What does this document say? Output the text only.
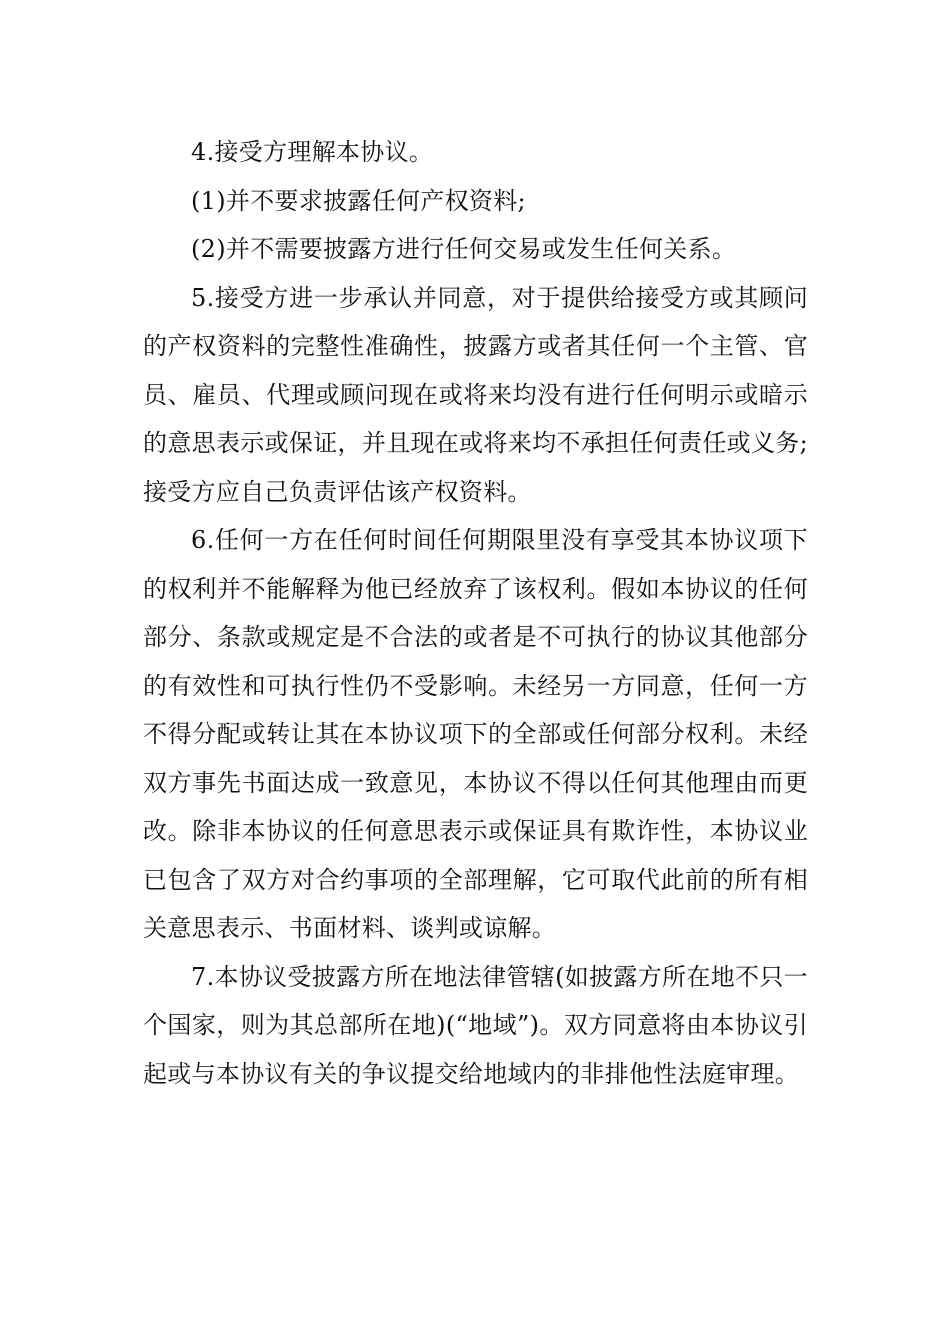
4.接受方理解本协议。

(1)并不要求披露任何产权资料;

(2)并不需要披露方进行任何交易或发生任何关系。

5.接受方进一步承认并同意，对于提供给接受方或其顾问的产权资料的完整性准确性，披露方或者其任何一个主管、官员、雇员、代理或顾问现在或将来均没有进行任何明示或暗示的意思表示或保证，并且现在或将来均不承担任何责任或义务;接受方应自己负责评估该产权资料。

6.任何一方在任何时间任何期限里没有享受其本协议项下的权利并不能解释为他已经放弃了该权利。假如本协议的任何部分、条款或规定是不合法的或者是不可执行的协议其他部分的有效性和可执行性仍不受影响。未经另一方同意，任何一方不得分配或转让其在本协议项下的全部或任何部分权利。未经双方事先书面达成一致意见，本协议不得以任何其他理由而更改。除非本协议的任何意思表示或保证具有欺诈性，本协议业已包含了双方对合约事项的全部理解，它可取代此前的所有相关意思表示、书面材料、谈判或谅解。

7.本协议受披露方所在地法律管辖(如披露方所在地不只一个国家，则为其总部所在地)(“地域”)。双方同意将由本协议引起或与本协议有关的争议提交给地域内的非排他性法庭审理。
